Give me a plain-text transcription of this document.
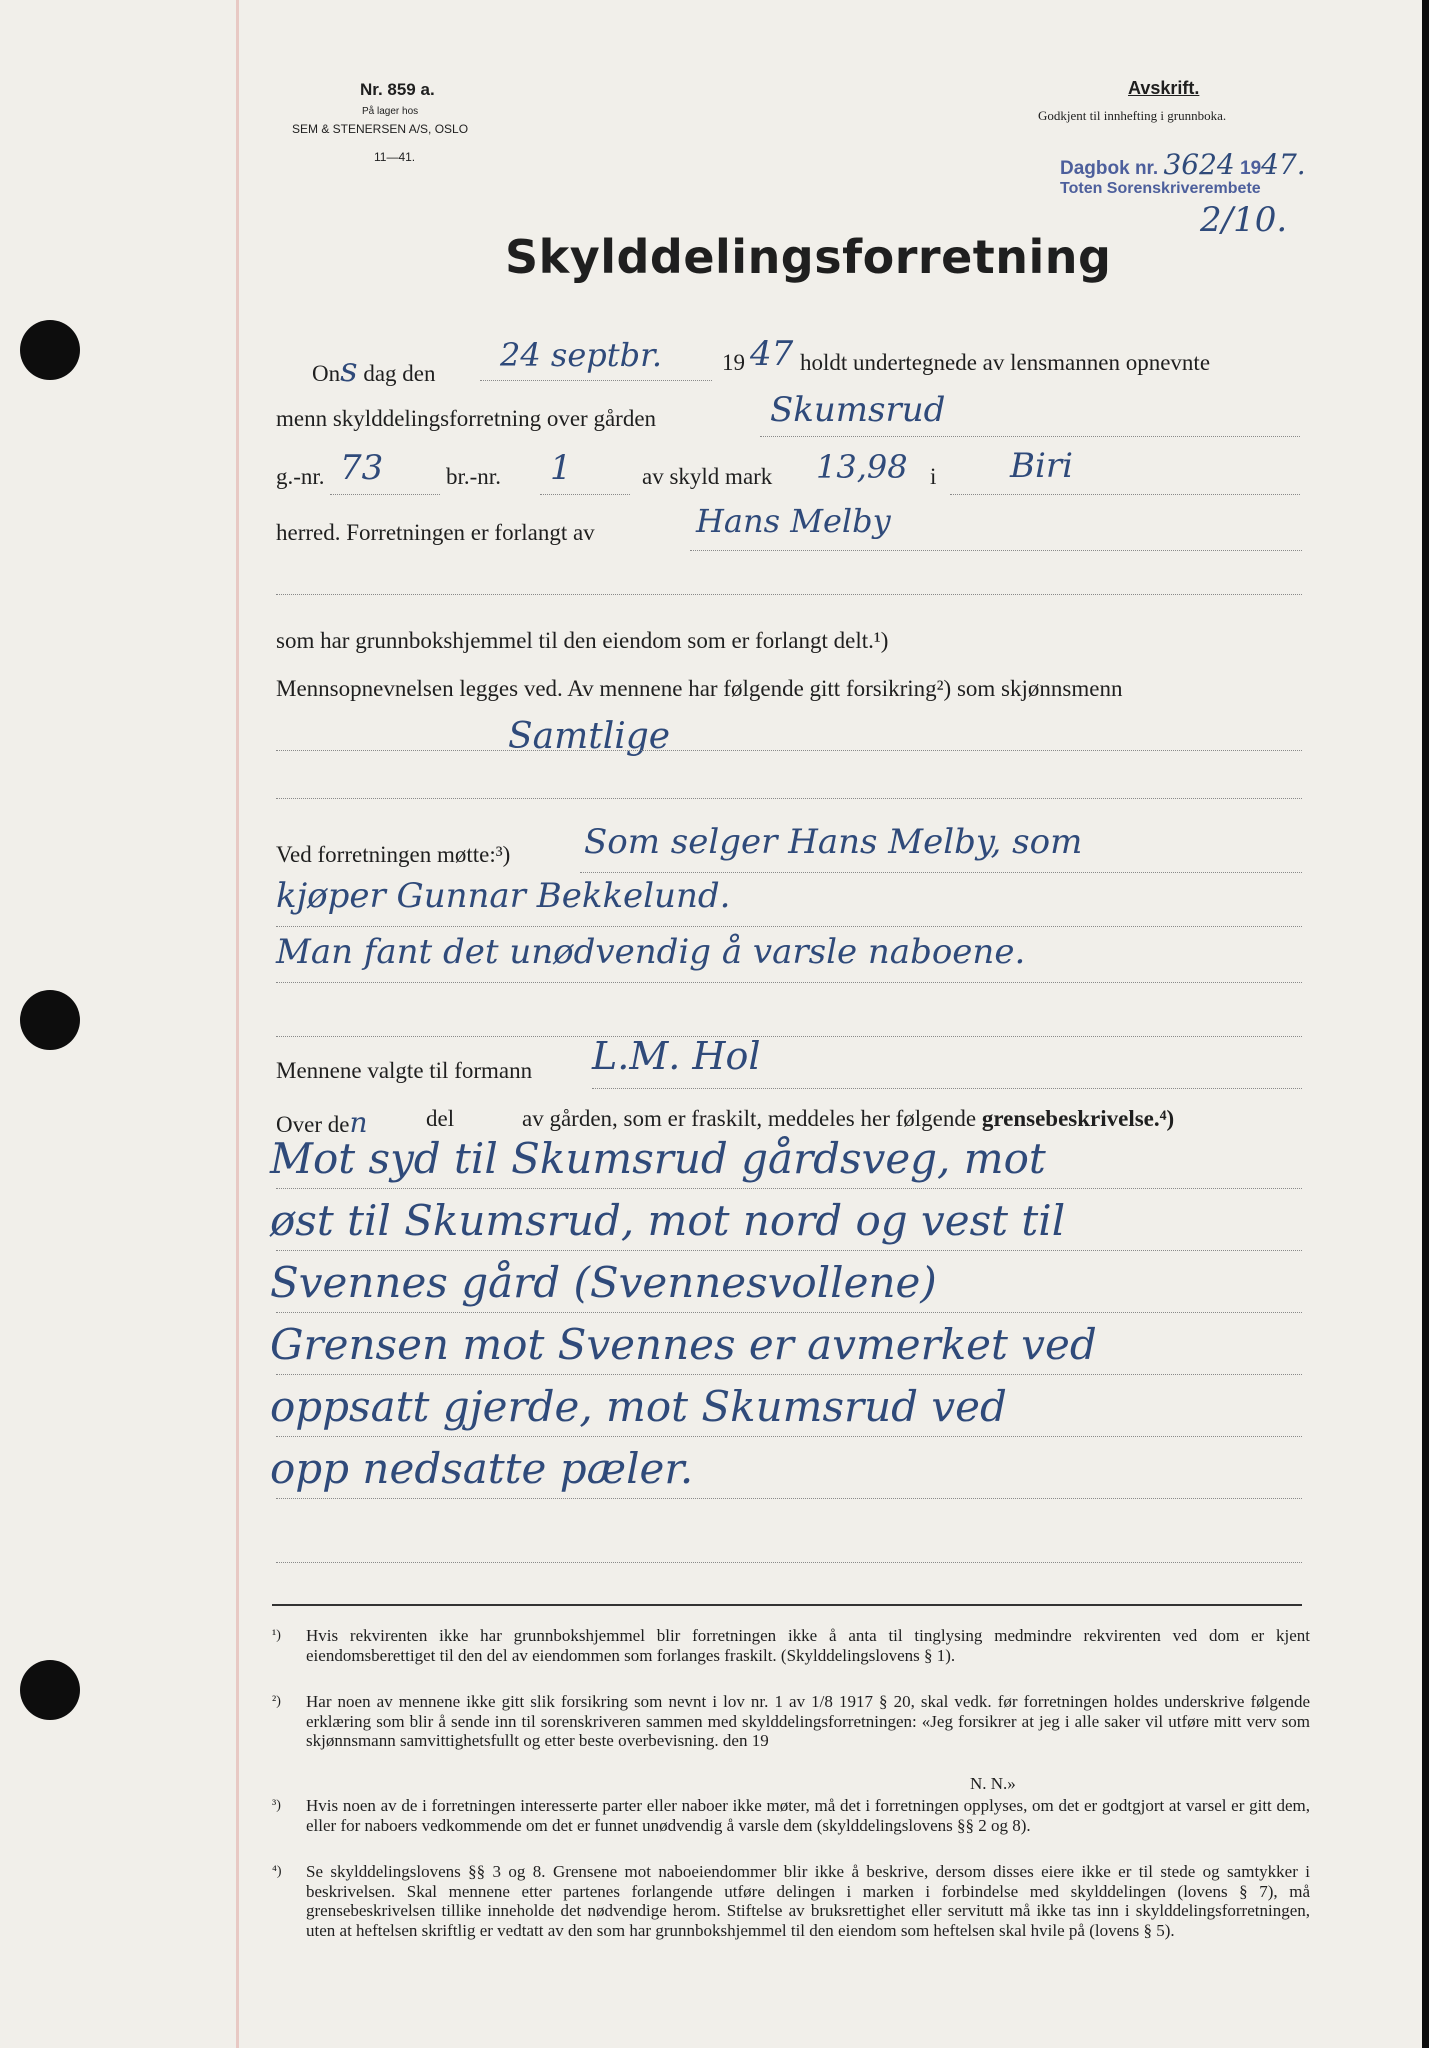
Nr. 859 a.
På lager hos
SEM & STENERSEN A/S, OSLO
11—41.
Avskrift.
Godkjent til innhefting i grunnboka.
Dagbok nr. 3624 1947.
Toten Sorenskriverembete
2/10.
Skylddelingsforretning
Ons dag den 24 septbr.	19 47 holdt undertegnede av lensmannen opnevnte
menn skylddelingsforretning over gården	Skumsrud
g.-nr. 73	br.-nr. 1	av skyld mark 13,98 i Biri
herred. Forretningen er forlangt av	Hans Melby
som har grunnbokshjemmel til den eiendom som er forlangt delt.¹)
Mennsopnevnelsen legges ved. Av mennene har følgende gitt forsikring²) som skjønnsmenn
Samtlige
Ved forretningen møtte:³) Som selger Hans Melby, som
kjøper Gunnar Bekkelund.
Man fant det unødvendig å varsle naboene.
Mennene valgte til formann L.M. Hol
Over den	del	av gården, som er fraskilt, meddeles her følgende grensebeskrivelse.⁴)
Mot syd til Skumsrud gårdsveg, mot
øst til Skumsrud, mot nord og vest til
Svennes gård (Svennesvollene)
Grensen mot Svennes er avmerket ved
oppsatt gjerde, mot Skumsrud ved
opp nedsatte pæler.
¹) Hvis rekvirenten ikke har grunnbokshjemmel blir forretningen ikke å anta til tinglysing medmindre rekvirenten ved dom er kjent eiendomsberettiget til den del av eiendommen som forlanges fraskilt. (Skylddelingslovens § 1).
²) Har noen av mennene ikke gitt slik forsikring som nevnt i lov nr. 1 av 1/8 1917 § 20, skal vedk. før forretningen holdes underskrive følgende erklæring som blir å sende inn til sorenskriveren sammen med skylddelingsforretningen: «Jeg forsikrer at jeg i alle saker vil utføre mitt verv som skjønnsmann samvittighetsfullt og etter beste overbevisning. den 19
N. N.»
³) Hvis noen av de i forretningen interesserte parter eller naboer ikke møter, må det i forretningen opplyses, om det er godtgjort at varsel er gitt dem, eller for naboers vedkommende om det er funnet unødvendig å varsle dem (skylddelingslovens §§ 2 og 8).
⁴) Se skylddelingslovens §§ 3 og 8. Grensene mot naboeiendommer blir ikke å beskrive, dersom disses eiere ikke er til stede og samtykker i beskrivelsen. Skal mennene etter partenes forlangende utføre delingen i marken i forbindelse med skylddelingen (lovens § 7), må grensebeskrivelsen tillike inneholde det nødvendige herom. Stiftelse av bruksrettighet eller servitutt må ikke tas inn i skylddelingsforretningen, uten at heftelsen skriftlig er vedtatt av den som har grunnbokshjemmel til den eiendom som heftelsen skal hvile på (lovens § 5).
